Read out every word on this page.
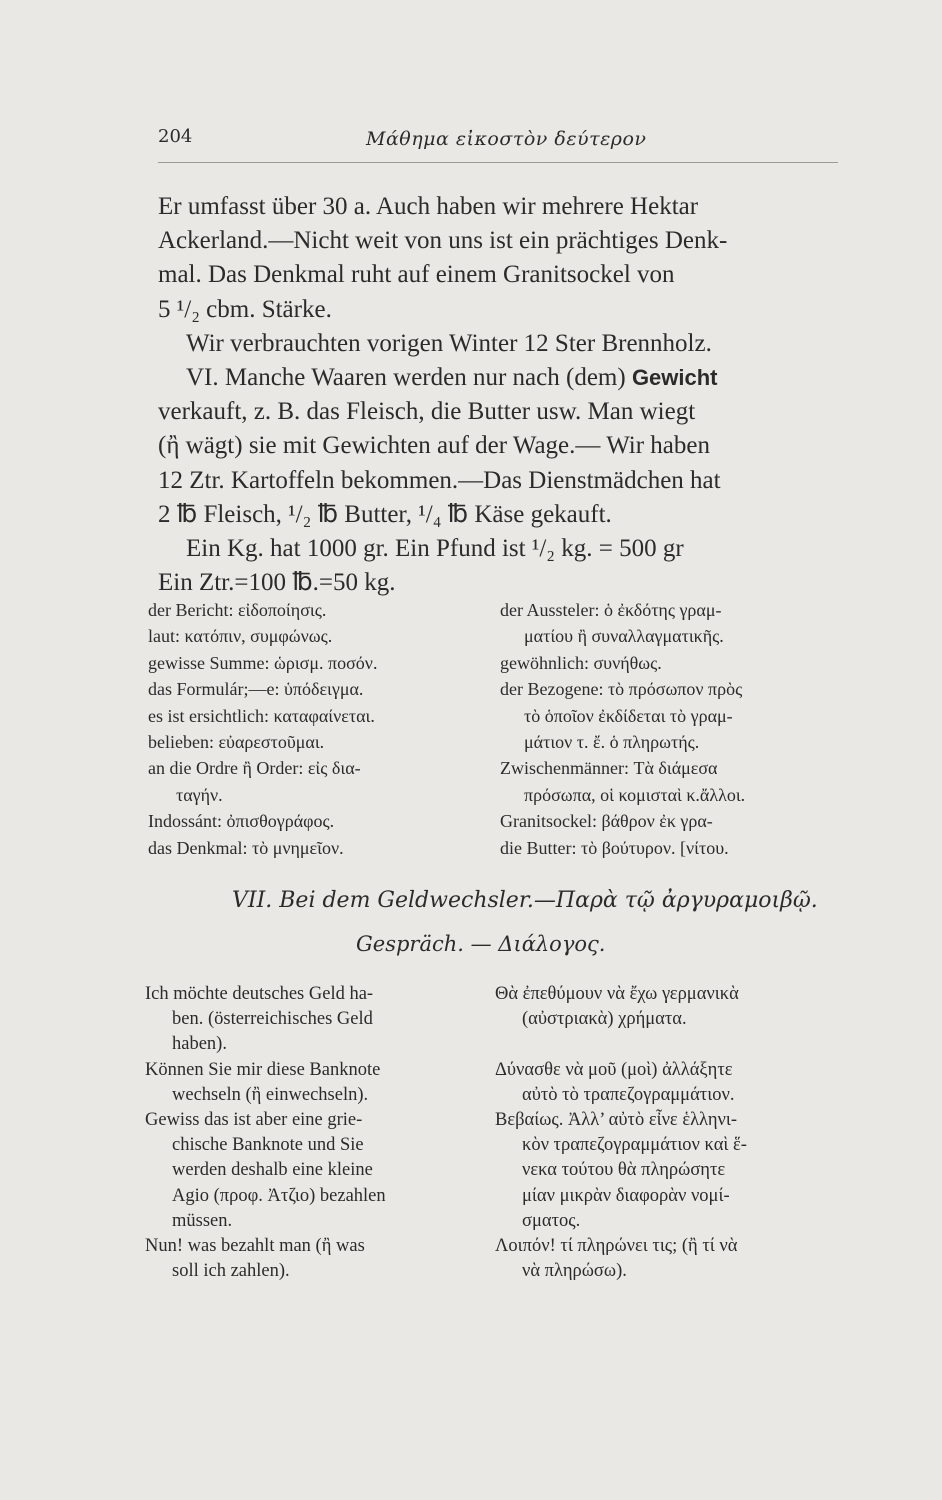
204	Μάθημα εἰκοστὸν δεύτερον
Er umfasst über 30 a. Auch haben wir mehrere Hektar
Ackerland.—Nicht weit von uns ist ein prächtiges Denk-
mal. Das Denkmal ruht auf einem Granitsockel von
5 ¹/₂ cbm. Stärke.
Wir verbrauchten vorigen Winter 12 Ster Brennholz.
VI. Manche Waaren werden nur nach (dem) Gewicht
verkauft, z. B. das Fleisch, die Butter usw. Man wiegt
(ἢ wägt) sie mit Gewichten auf der Wage.— Wir haben
12 Ztr. Kartoffeln bekommen.—Das Dienstmädchen hat
2 ℔ Fleisch, ¹/₂ ℔ Butter, ¹/₄ ℔ Käse gekauft.
Ein Kg. hat 1000 gr. Ein Pfund ist ¹/₂ kg. = 500 gr
Ein Ztr.=100 ℔.=50 kg.
der Bericht: εἰδοποίησις.
laut: κατόπιν, συμφώνως.
gewisse Summe: ὡρισμ. ποσόν.
das Formulár;—e: ὑπόδειγμα.
es ist ersichtlich: καταφαίνεται.
belieben: εὐαρεστοῦμαι.
an die Ordre ἢ Order: εἰς δια-
ταγήν.
Indossánt: ὀπισθογράφος.
das Denkmal: τὸ μνημεῖον.
der Aussteler: ὁ ἐκδότης γραμ-
ματίου ἢ συναλλαγματικῆς.
gewöhnlich: συνήθως.
der Bezogene: τὸ πρόσωπον πρὸς
τὸ ὁποῖον ἐκδίδεται τὸ γραμ-
μάτιον τ. ἔ. ὁ πληρωτής.
Zwischenmänner: Τὰ διάμεσα
πρόσωπα, οἱ κομισταὶ κ.ἄλλοι.
Granitsockel: βάθρον ἐκ γρα-
die Butter: τὸ βούτυρον. [νίτου.
VII. Bei dem Geldwechsler.—Παρὰ τῷ ἀργυραμοιβῷ.
Gespräch. — Διάλογος.
Ich möchte deutsches Geld ha-
ben. (österreichisches Geld
haben).
Können Sie mir diese Banknote
wechseln (ἢ einwechseln).
Gewiss das ist aber eine grie-
chische Banknote und Sie
werden deshalb eine kleine
Agio (προφ. Ἀτζιο) bezahlen
müssen.
Nun! was bezahlt man (ἢ was
soll ich zahlen).
Θὰ ἐπεθύμουν νὰ ἔχω γερμανικὰ
(αὐστριακὰ) χρήματα.
Δύνασθε νὰ μοῦ (μοὶ) ἀλλάξητε
αὐτὸ τὸ τραπεζογραμμάτιον.
Βεβαίως. Ἀλλ’ αὐτὸ εἶνε ἑλληνι-
κὸν τραπεζογραμμάτιον καὶ ἕ-
νεκα τούτου θὰ πληρώσητε
μίαν μικρὰν διαφορὰν νομί-
σματος.
Λοιπόν! τί πληρώνει τις; (ἢ τί νὰ
νὰ πληρώσω).
